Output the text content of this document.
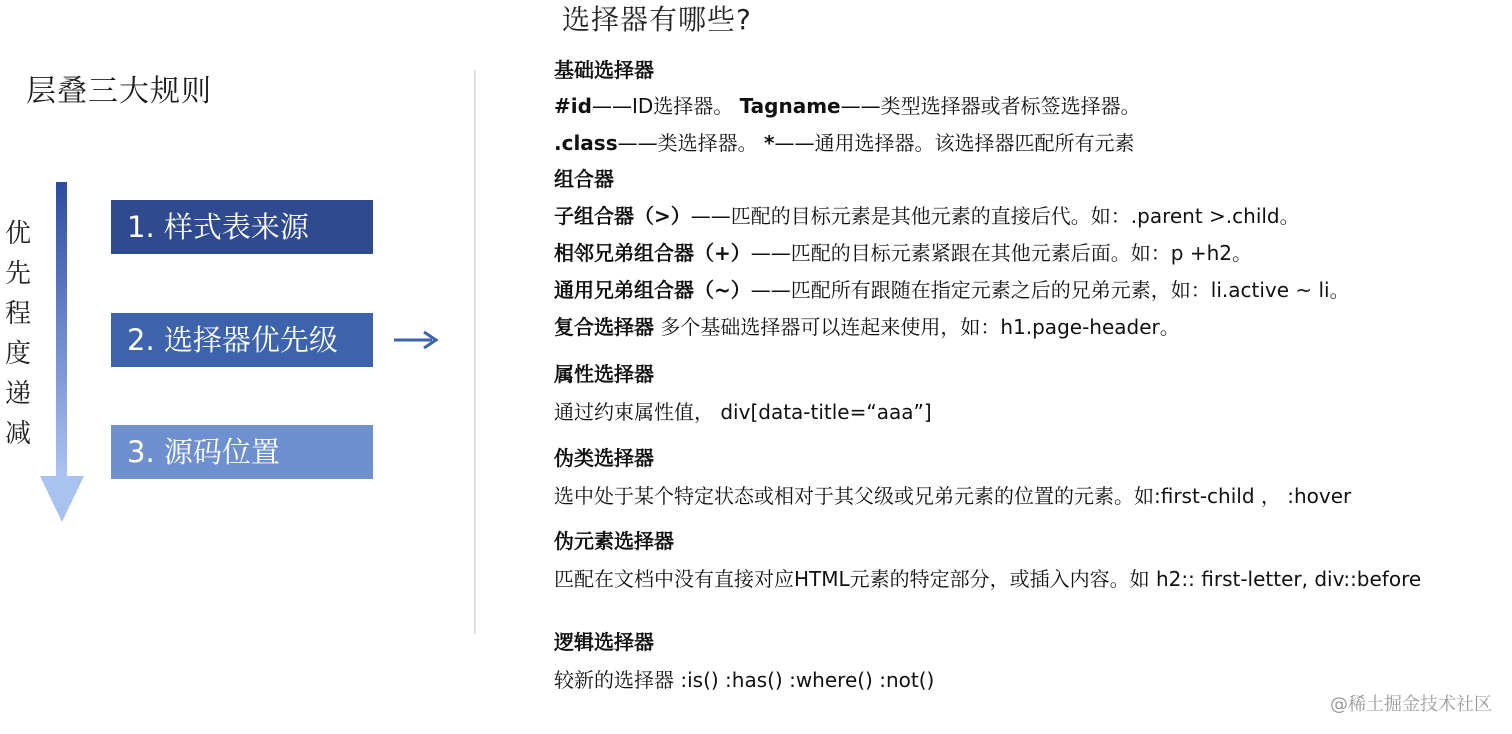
层叠三大规则
优
先
程
度
递
减
1. 样式表来源
2. 选择器优先级
3. 源码位置
选择器有哪些?
基础选择器
#id——ID选择器。 Tagname——类型选择器或者标签选择器。
.class——类选择器。 *——通用选择器。该选择器匹配所有元素
组合器
子组合器（>）——匹配的目标元素是其他元素的直接后代。如：.parent >.child。
相邻兄弟组合器（+）——匹配的目标元素紧跟在其他元素后面。如：p +h2。
通用兄弟组合器（~）——匹配所有跟随在指定元素之后的兄弟元素，如：li.active ~ li。
复合选择器 多个基础选择器可以连起来使用，如：h1.page-header。
属性选择器
通过约束属性值， div[data-title=“aaa”]
伪类选择器
选中处于某个特定状态或相对于其父级或兄弟元素的位置的元素。如:first-child ， :hover
伪元素选择器
匹配在文档中没有直接对应HTML元素的特定部分，或插入内容。如 h2:: first-letter, div::before
逻辑选择器
较新的选择器 :is() :has() :where() :not()
@稀土掘金技术社区
